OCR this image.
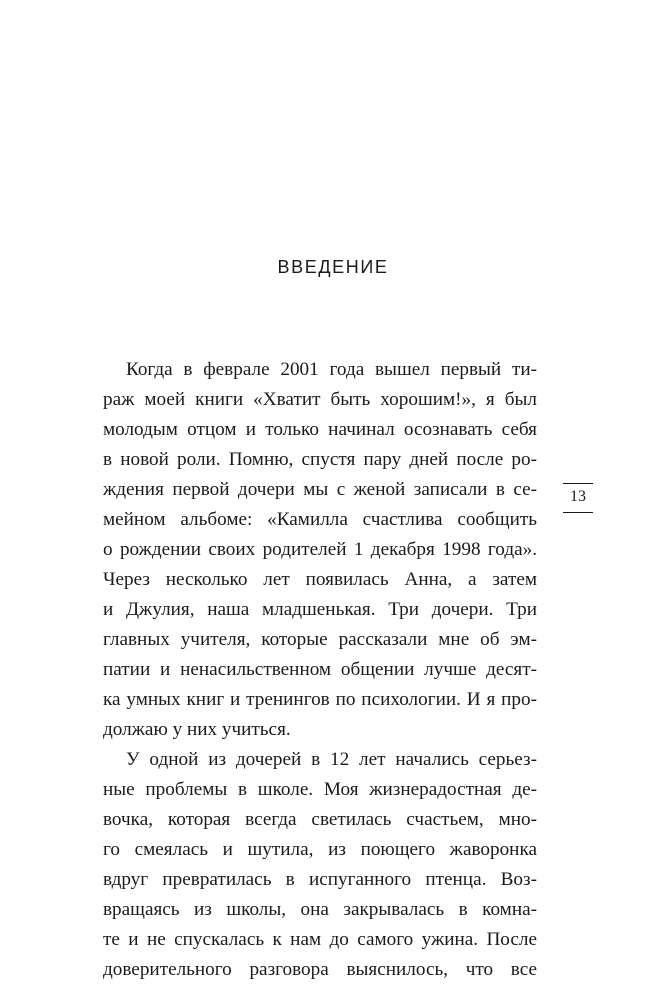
ВВЕДЕНИЕ
Когда в феврале 2001 года вышел первый ти-
раж моей книги «Хватит быть хорошим!», я был
молодым отцом и только начинал осознавать себя
в новой роли. Помню, спустя пару дней после ро-
ждения первой дочери мы с женой записали в се-
мейном альбоме: «Камилла счастлива сообщить
о рождении своих родителей 1 декабря 1998 года».
Через несколько лет появилась Анна, а затем
и Джулия, наша младшенькая. Три дочери. Три
главных учителя, которые рассказали мне об эм-
патии и ненасильственном общении лучше десят-
ка умных книг и тренингов по психологии. И я про-
должаю у них учиться.
У одной из дочерей в 12 лет начались серьез-
ные проблемы в школе. Моя жизнерадостная де-
вочка, которая всегда светилась счастьем, мно-
го смеялась и шутила, из поющего жаворонка
вдруг превратилась в испуганного птенца. Воз-
вращаясь из школы, она закрывалась в комна-
те и не спускалась к нам до самого ужина. После
доверительного разговора выяснилось, что все
13
